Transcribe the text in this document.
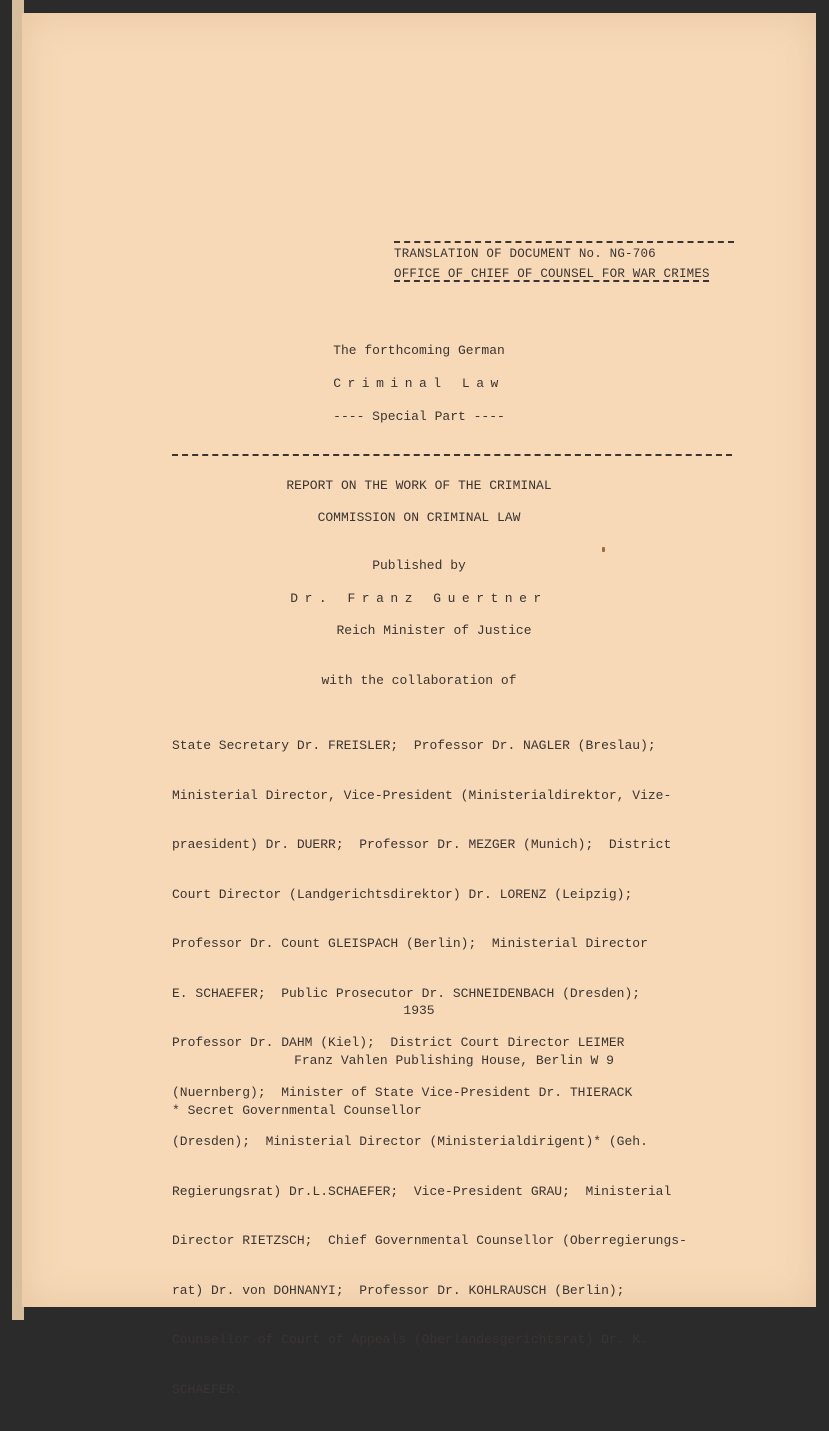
TRANSLATION OF DOCUMENT No. NG-706
OFFICE OF CHIEF OF COUNSEL FOR WAR CRIMES
The forthcoming German
Criminal Law
---- Special Part ----
REPORT ON THE WORK OF THE CRIMINAL
COMMISSION ON CRIMINAL LAW
Published by
Dr. Franz Guertner
Reich Minister of Justice
with the collaboration of

State Secretary Dr. FREISLER;  Professor Dr. NAGLER (Breslau);

Ministerial Director, Vice-President (Ministerialdirektor, Vize-

praesident) Dr. DUERR;  Professor Dr. MEZGER (Munich);  District

Court Director (Landgerichtsdirektor) Dr. LORENZ (Leipzig);

Professor Dr. Count GLEISPACH (Berlin);  Ministerial Director

E. SCHAEFER;  Public Prosecutor Dr. SCHNEIDENBACH (Dresden);

Professor Dr. DAHM (Kiel);  District Court Director LEIMER

(Nuernberg);  Minister of State Vice-President Dr. THIERACK

(Dresden);  Ministerial Director (Ministerialdirigent)* (Geh.

Regierungsrat) Dr.L.SCHAEFER;  Vice-President GRAU;  Ministerial

Director RIETZSCH;  Chief Governmental Counsellor (Oberregierungs-

rat) Dr. von DOHNANYI;  Professor Dr. KOHLRAUSCH (Berlin);

Counsellor of Court of Appeals (Oberlandesgerichtsrat) Dr. K.

SCHAEFER.

1935
Franz Vahlen Publishing House, Berlin W 9
* Secret Governmental Counsellor
